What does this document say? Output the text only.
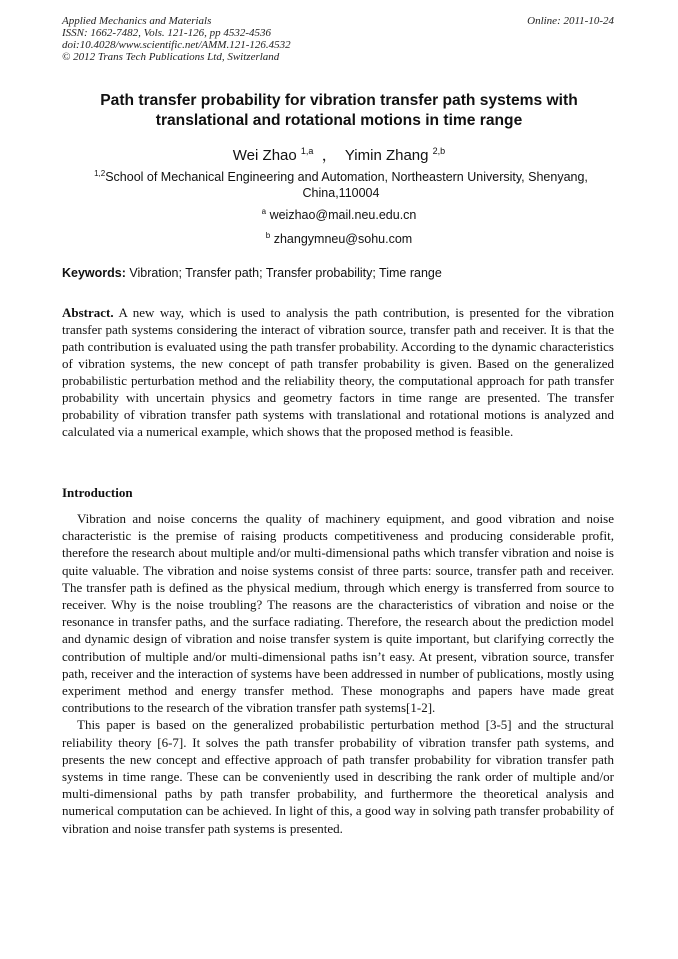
Applied Mechanics and Materials
ISSN: 1662-7482, Vols. 121-126, pp 4532-4536
doi:10.4028/www.scientific.net/AMM.121-126.4532
© 2012 Trans Tech Publications Ltd, Switzerland
Online: 2011-10-24
Path transfer probability for vibration transfer path systems with translational and rotational motions in time range
Wei Zhao $^{1,a}$ ， Yimin Zhang $^{2,b}$
$^{1,2}$School of Mechanical Engineering and Automation, Northeastern University, Shenyang, China,110004
$^a$ weizhao@mail.neu.edu.cn
$^b$ zhangymneu@sohu.com
Keywords: Vibration; Transfer path; Transfer probability; Time range
Abstract. A new way, which is used to analysis the path contribution, is presented for the vibration transfer path systems considering the interact of vibration source, transfer path and receiver. It is that the path contribution is evaluated using the path transfer probability. According to the dynamic characteristics of vibration systems, the new concept of path transfer probability is given. Based on the generalized probabilistic perturbation method and the reliability theory, the computational approach for path transfer probability with uncertain physics and geometry factors in time range are presented. The transfer probability of vibration transfer path systems with translational and rotational motions is analyzed and calculated via a numerical example, which shows that the proposed method is feasible.
Introduction

Vibration and noise concerns the quality of machinery equipment, and good vibration and noise characteristic is the premise of raising products competitiveness and producing considerable profit, therefore the research about multiple and/or multi-dimensional paths which transfer vibration and noise is quite valuable. The vibration and noise systems consist of three parts: source, transfer path and receiver. The transfer path is defined as the physical medium, through which energy is transferred from source to receiver. Why is the noise troubling? The reasons are the characteristics of vibration and noise or the resonance in transfer paths, and the surface radiating. Therefore, the research about the prediction model and dynamic design of vibration and noise transfer system is quite important, but clarifying correctly the contribution of multiple and/or multi-dimensional paths isn’t easy. At present, vibration source, transfer path, receiver and the interaction of systems have been addressed in number of publications, mostly using experiment method and energy transfer method. These monographs and papers have made great contributions to the research of the vibration transfer path systems[1-2].

This paper is based on the generalized probabilistic perturbation method [3-5] and the structural reliability theory [6-7]. It solves the path transfer probability of vibration transfer path systems, and presents the new concept and effective approach of path transfer probability for vibration transfer path systems in time range. These can be conveniently used in describing the rank order of multiple and/or multi-dimensional paths by path transfer probability, and furthermore the theoretical analysis and numerical computation can be achieved. In light of this, a good way in solving path transfer probability of vibration and noise transfer path systems is presented.
